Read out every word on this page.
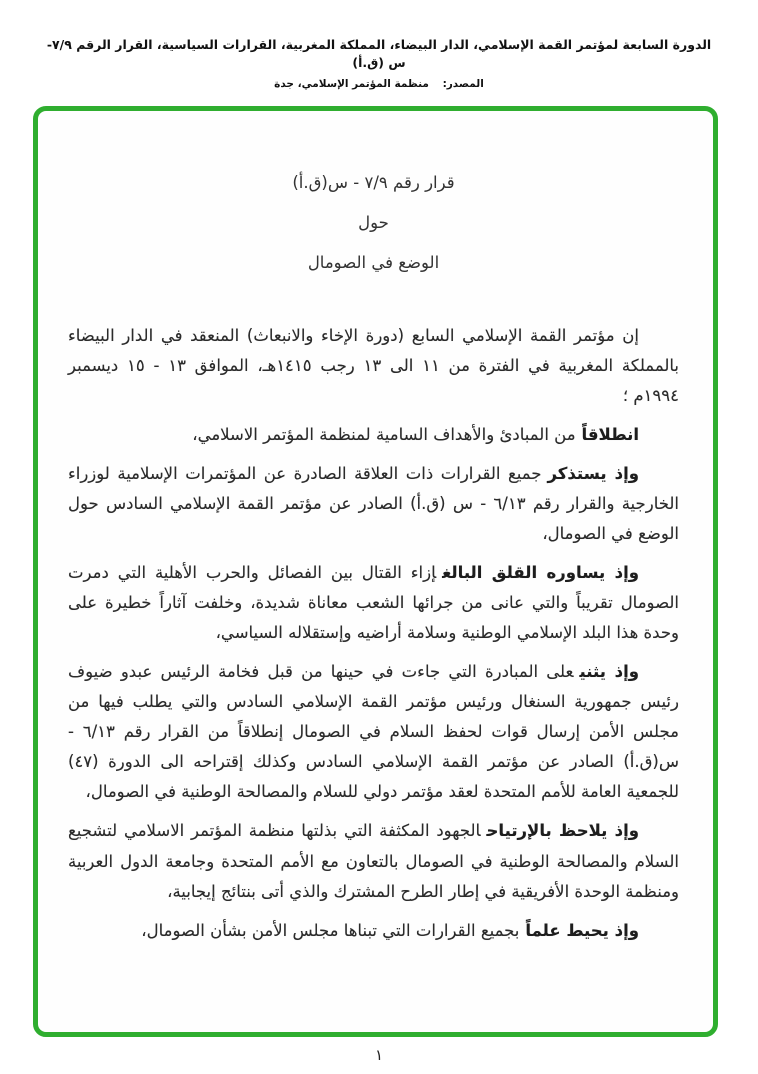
الدورة السابعة لمؤتمر القمة الإسلامي، الدار البيضاء، المملكة المغربية، القرارات السياسية، القرار الرقم ٧/٩-س (ق.أ)
المصدر: منظمة المؤتمر الإسلامي، جدة
قرار رقم ٧/٩ - س(ق.أ)
حول
الوضع في الصومال

إن مؤتمر القمة الإسلامي السابع (دورة الإخاء والانبعاث) المنعقد في الدار البيضاء بالمملكة المغربية في الفترة من ١١ الى ١٣ رجب ١٤١٥هـ، الموافق ١٣ - ١٥ ديسمبر ١٩٩٤م ؛

انطلاقاًمن المبادئ والأهداف السامية لمنظمة المؤتمر الاسلامي،

وإذ يستذكرجميع القرارات ذات العلاقة الصادرة عن المؤتمرات الإسلامية لوزراء الخارجية والقرار رقم ٦/١٣ - س (ق.أ) الصادر عن مؤتمر القمة الإسلامي السادس حول الوضع في الصومال،

وإذ يساوره القلق البالغإزاء القتال بين الفصائل والحرب الأهلية التي دمرت الصومال تقريباً والتي عانى من جرائها الشعب معاناة شديدة، وخلفت آثاراً خطيرة على وحدة هذا البلد الإسلامي الوطنية وسلامة أراضيه وإستقلاله السياسي،

وإذ يثنيعلى المبادرة التي جاءت في حينها من قبل فخامة الرئيس عبدو ضيوف رئيس جمهورية السنغال ورئيس مؤتمر القمة الإسلامي السادس والتي يطلب فيها من مجلس الأمن إرسال قوات لحفظ السلام في الصومال إنطلاقاً من القرار رقم ٦/١٣ - س(ق.أ) الصادر عن مؤتمر القمة الإسلامي السادس وكذلك إقتراحه الى الدورة (٤٧) للجمعية العامة للأمم المتحدة لعقد مؤتمر دولي للسلام والمصالحة الوطنية في الصومال،

وإذ يلاحظ بالإرتياحالجهود المكثفة التي بذلتها منظمة المؤتمر الاسلامي لتشجيع السلام والمصالحة الوطنية في الصومال بالتعاون مع الأمم المتحدة وجامعة الدول العربية ومنظمة الوحدة الأفريقية في إطار الطرح المشترك والذي أتى بنتائج إيجابية،

وإذ يحيط علماًبجميع القرارات التي تبناها مجلس الأمن بشأن الصومال،

١
